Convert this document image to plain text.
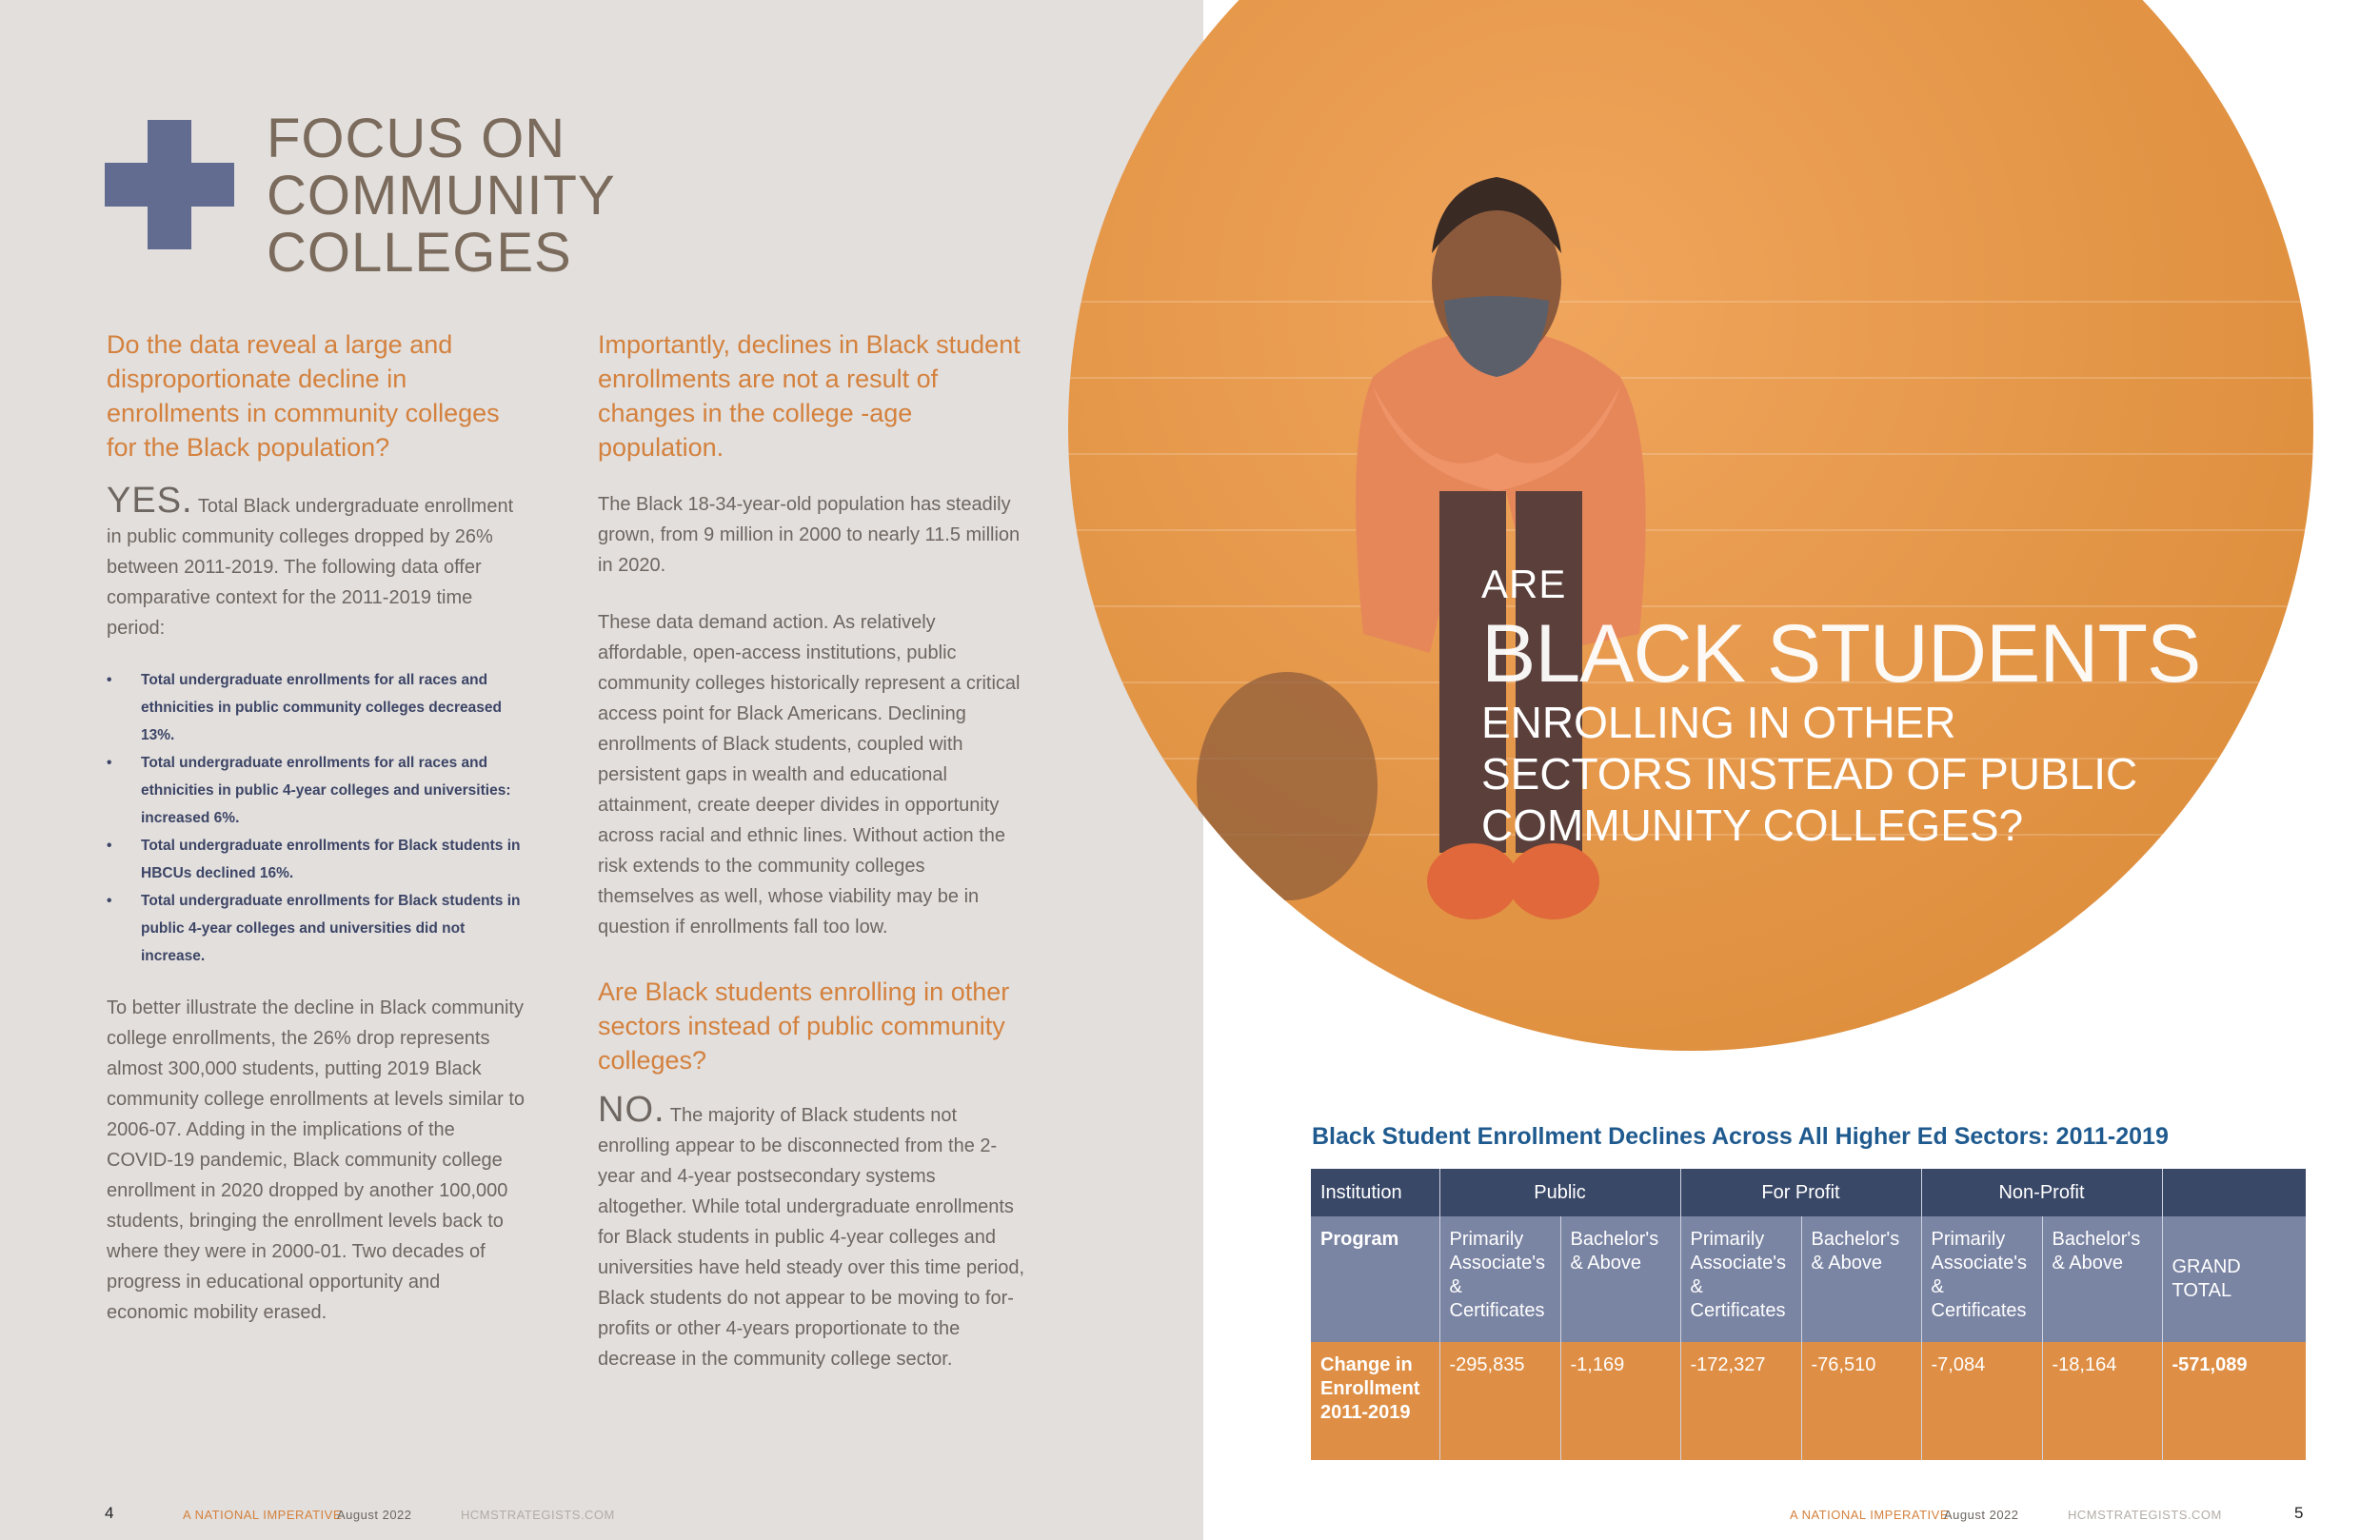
FOCUS ON
COMMUNITY
COLLEGES

Do the data reveal a large and disproportionate decline in enrollments in community colleges for the Black population?

YES. Total Black undergraduate enrollment in public community colleges dropped by 26% between 2011-2019. The following data offer comparative context for the 2011-2019 time period:

• Total undergraduate enrollments for all races and ethnicities in public community colleges decreased 13%.
• Total undergraduate enrollments for all races and ethnicities in public 4-year colleges and universities: increased 6%.
• Total undergraduate enrollments for Black students in HBCUs declined 16%.
• Total undergraduate enrollments for Black students in public 4-year colleges and universities did not increase.

To better illustrate the decline in Black community college enrollments, the 26% drop represents almost 300,000 students, putting 2019 Black community college enrollments at levels similar to 2006-07. Adding in the implications of the COVID-19 pandemic, Black community college enrollment in 2020 dropped by another 100,000 students, bringing the enrollment levels back to where they were in 2000-01. Two decades of progress in educational opportunity and economic mobility erased.

Importantly, declines in Black student enrollments are not a result of changes in the college -age population.

The Black 18-34-year-old population has steadily grown, from 9 million in 2000 to nearly 11.5 million in 2020.

These data demand action. As relatively affordable, open-access institutions, public community colleges historically represent a critical access point for Black Americans. Declining enrollments of Black students, coupled with persistent gaps in wealth and educational attainment, create deeper divides in opportunity across racial and ethnic lines. Without action the risk extends to the community colleges themselves as well, whose viability may be in question if enrollments fall too low.

Are Black students enrolling in other sectors instead of public community colleges?

NO. The majority of Black students not enrolling appear to be disconnected from the 2-year and 4-year postsecondary systems altogether. While total undergraduate enrollments for Black students in public 4-year colleges and universities have held steady over this time period, Black students do not appear to be moving to for-profits or other 4-years proportionate to the decrease in the community college sector.

4	A NATIONAL IMPERATIVE
August 2022	HCMSTRATEGISTS.COM
ARE
BLACK STUDENTS
ENROLLING IN OTHER
SECTORS INSTEAD OF PUBLIC
COMMUNITY COLLEGES?
Black Student Enrollment Declines Across All Higher Ed Sectors: 2011-2019
Institution	Public		For Profit		Non-Profit		
Program	Primarily Associate's & Certificates	Bachelor's & Above	Primarily Associate's & Certificates	Bachelor's & Above	Primarily Associate's & Certificates	Bachelor's & Above	GRAND TOTAL
Change in Enrollment 2011-2019	-295,835	-1,169	-172,327	-76,510	-7,084	-18,164	-571,089
A NATIONAL IMPERATIVE
August 2022	HCMSTRATEGISTS.COM	5
